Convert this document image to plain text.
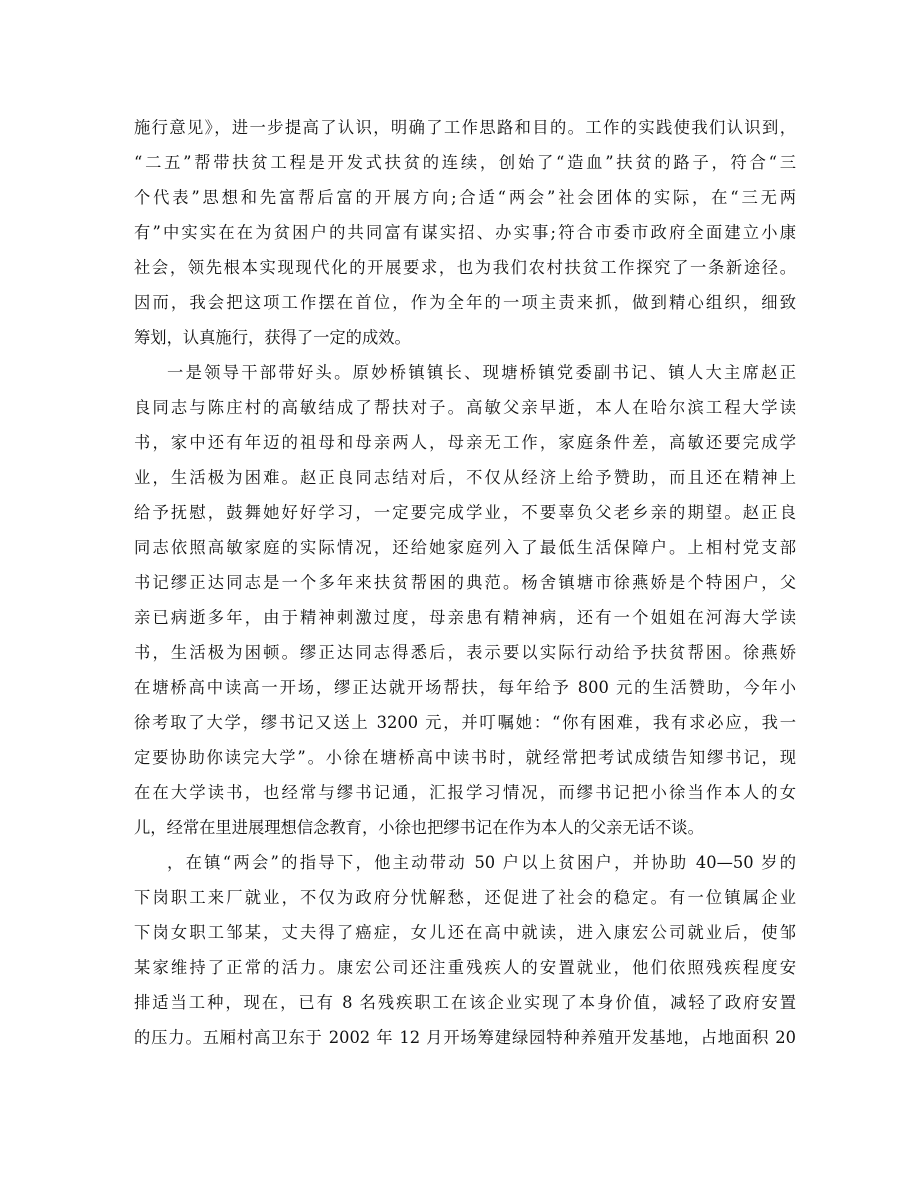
施行意见》，进一步提高了认识，明确了工作思路和目的。工作的实践使我们认识到，
“二五”帮带扶贫工程是开发式扶贫的连续，创始了“造血”扶贫的路子，符合“三
个代表”思想和先富帮后富的开展方向;合适“两会”社会团体的实际，在“三无两
有”中实实在在为贫困户的共同富有谋实招、办实事;符合市委市政府全面建立小康
社会，领先根本实现现代化的开展要求，也为我们农村扶贫工作探究了一条新途径。
因而，我会把这项工作摆在首位，作为全年的一项主责来抓，做到精心组织，细致
筹划，认真施行，获得了一定的成效。
一是领导干部带好头。原妙桥镇镇长、现塘桥镇党委副书记、镇人大主席赵正
良同志与陈庄村的高敏结成了帮扶对子。高敏父亲早逝，本人在哈尔滨工程大学读
书，家中还有年迈的祖母和母亲两人，母亲无工作，家庭条件差，高敏还要完成学
业，生活极为困难。赵正良同志结对后，不仅从经济上给予赞助，而且还在精神上
给予抚慰，鼓舞她好好学习，一定要完成学业，不要辜负父老乡亲的期望。赵正良
同志依照高敏家庭的实际情况，还给她家庭列入了最低生活保障户。上相村党支部
书记缪正达同志是一个多年来扶贫帮困的典范。杨舍镇塘市徐燕娇是个特困户，父
亲已病逝多年，由于精神刺激过度，母亲患有精神病，还有一个姐姐在河海大学读
书，生活极为困顿。缪正达同志得悉后，表示要以实际行动给予扶贫帮困。徐燕娇
在塘桥高中读高一开场，缪正达就开场帮扶，每年给予 800 元的生活赞助，今年小
徐考取了大学，缪书记又送上 3200 元，并叮嘱她：“你有困难，我有求必应，我一
定要协助你读完大学”。小徐在塘桥高中读书时，就经常把考试成绩告知缪书记，现
在在大学读书，也经常与缪书记通，汇报学习情况，而缪书记把小徐当作本人的女
儿，经常在里进展理想信念教育，小徐也把缪书记在作为本人的父亲无话不谈。
，在镇“两会”的指导下，他主动带动 50 户以上贫困户，并协助 40—50 岁的
下岗职工来厂就业，不仅为政府分忧解愁，还促进了社会的稳定。有一位镇属企业
下岗女职工邹某，丈夫得了癌症，女儿还在高中就读，进入康宏公司就业后，使邹
某家维持了正常的活力。康宏公司还注重残疾人的安置就业，他们依照残疾程度安
排适当工种，现在，已有 8 名残疾职工在该企业实现了本身价值，减轻了政府安置
的压力。五厢村高卫东于 2002 年 12 月开场筹建绿园特种养殖开发基地，占地面积 20
